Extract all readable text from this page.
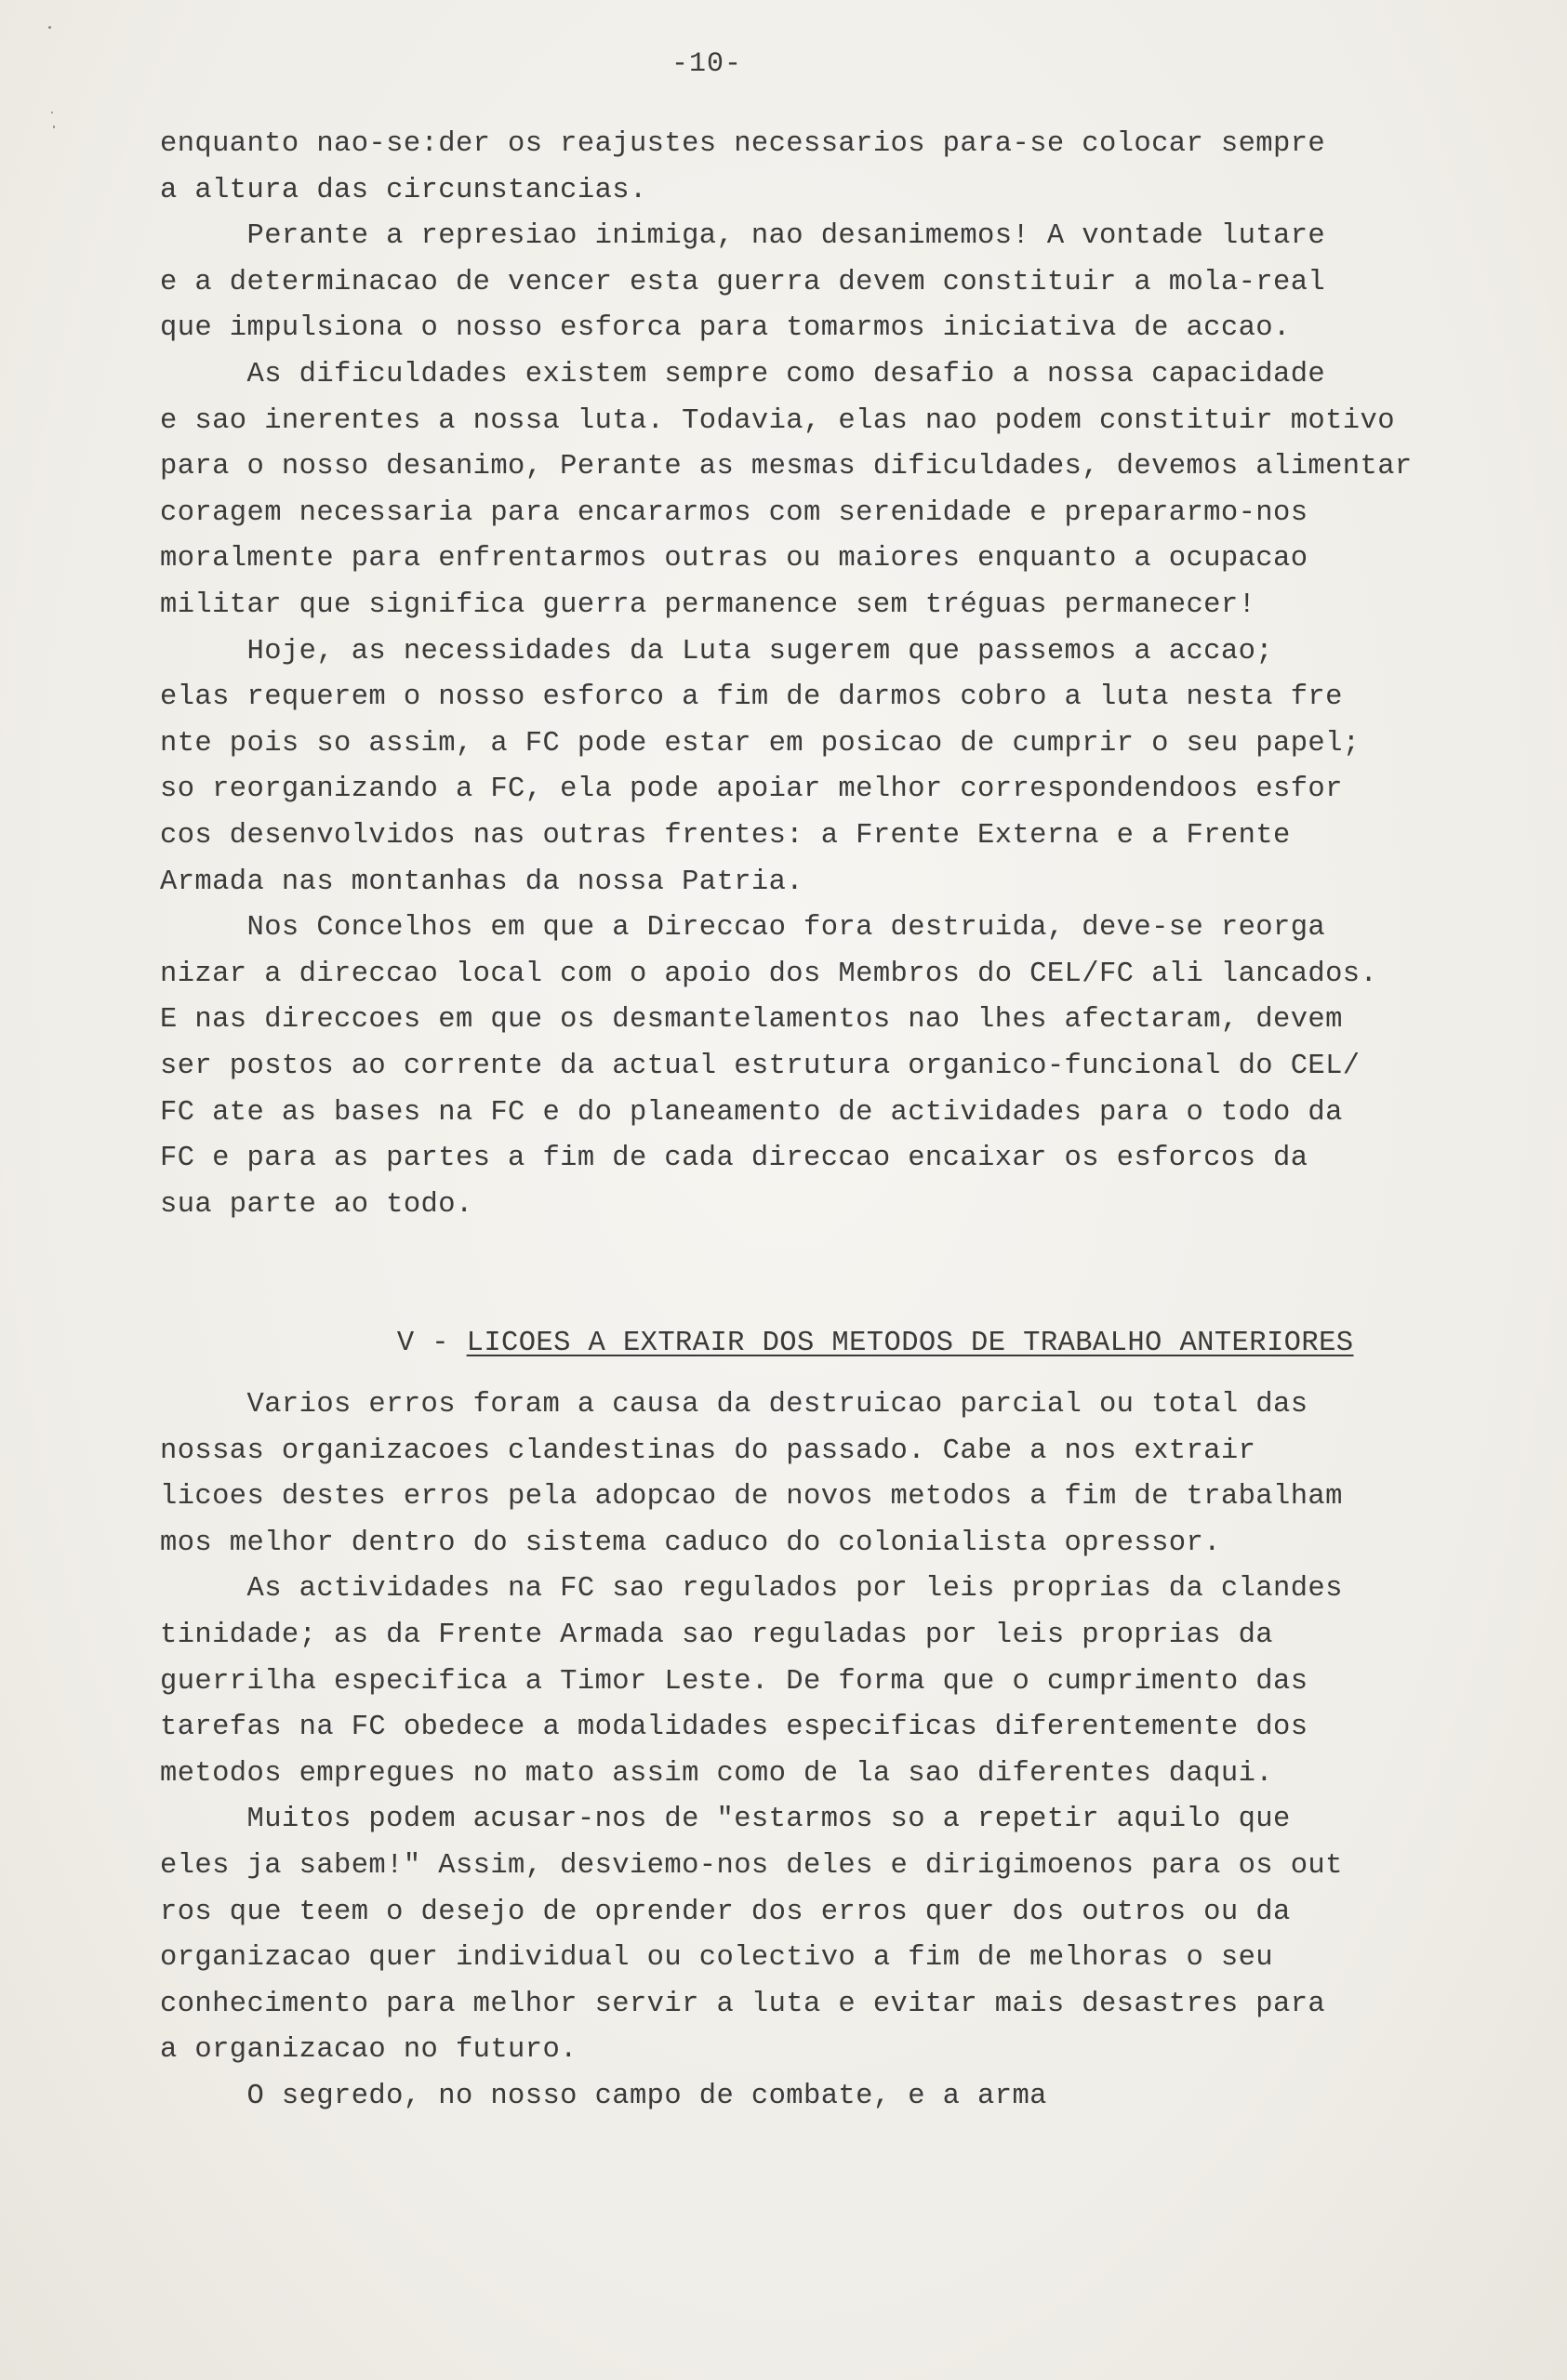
-10-
enquanto nao-se:der os reajustes necessarios para-se colocar sempre
a altura das circunstancias.
Perante a represiao inimiga, nao desanimemos! A vontade lutare
e a determinacao de vencer esta guerra devem constituir a mola-real
que impulsiona o nosso esforca para tomarmos iniciativa de accao.
As dificuldades existem sempre como desafio a nossa capacidade
e sao inerentes a nossa luta. Todavia, elas nao podem constituir motivo
para o nosso desanimo, Perante as mesmas dificuldades, devemos alimentar
coragem necessaria para encararmos com serenidade e prepararmo-nos
moralmente para enfrentarmos outras ou maiores enquanto a ocupacao
militar que significa guerra permanence sem tréguas permanecer!
Hoje, as necessidades da Luta sugerem que passemos a accao;
elas requerem o nosso esforco a fim de darmos cobro a luta nesta fre
nte pois so assim, a FC pode estar em posicao de cumprir o seu papel;
so reorganizando a FC, ela pode apoiar melhor correspondendoos esfor
cos desenvolvidos nas outras frentes: a Frente Externa e a Frente
Armada nas montanhas da nossa Patria.
Nos Concelhos em que a Direccao fora destruida, deve-se reorga
nizar a direccao local com o apoio dos Membros do CEL/FC ali lancados.
E nas direccoes em que os desmantelamentos nao lhes afectaram, devem
ser postos ao corrente da actual estrutura organico-funcional do CEL/
FC ate as bases na FC e do planeamento de actividades para o todo da
FC e para as partes a fim de cada direccao encaixar os esforcos da
sua parte ao todo.

V - LICOES A EXTRAIR DOS METODOS DE TRABALHO ANTERIORES

Varios erros foram a causa da destruicao parcial ou total das
nossas organizacoes clandestinas do passado. Cabe a nos extrair
licoes destes erros pela adopcao de novos metodos a fim de trabalham
mos melhor dentro do sistema caduco do colonialista opressor.
As actividades na FC sao regulados por leis proprias da clandes
tinidade; as da Frente Armada sao reguladas por leis proprias da
guerrilha especifica a Timor Leste. De forma que o cumprimento das
tarefas na FC obedece a modalidades especificas diferentemente dos
metodos empregues no mato assim como de la sao diferentes daqui.
Muitos podem acusar-nos de "estarmos so a repetir aquilo que
eles ja sabem!" Assim, desviemo-nos deles e dirigimoenos para os out
ros que teem o desejo de oprender dos erros quer dos outros ou da
organizacao quer individual ou colectivo a fim de melhoras o seu
conhecimento para melhor servir a luta e evitar mais desastres para
a organizacao no futuro.
O segredo, no nosso campo de combate, e a arma
